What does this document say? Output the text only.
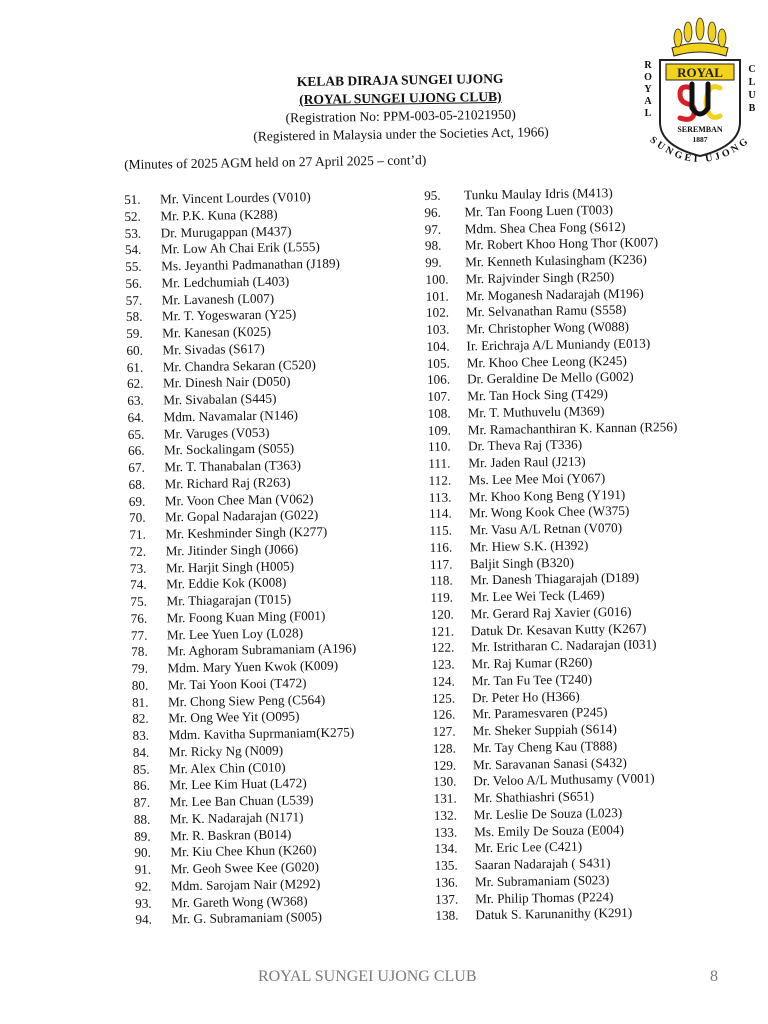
ROYAL
SEREMBAN
1887
R
O
Y
A
L
C
L
U
B
SUNGEI UJONG
KELAB DIRAJA SUNGEI UJONG
(ROYAL SUNGEI UJONG CLUB)
(Registration No: PPM-003-05-21021950)
(Registered in Malaysia under the Societies Act, 1966)
(Minutes of 2025 AGM held on 27 April 2025 – cont’d)
51. Mr. Vincent Lourdes (V010)
52. Mr. P.K. Kuna (K288)
53. Dr. Murugappan (M437)
54. Mr. Low Ah Chai Erik (L555)
55. Ms. Jeyanthi Padmanathan (J189)
56. Mr. Ledchumiah (L403)
57. Mr. Lavanesh (L007)
58. Mr. T. Yogeswaran (Y25)
59. Mr. Kanesan (K025)
60. Mr. Sivadas (S617)
61. Mr. Chandra Sekaran (C520)
62. Mr. Dinesh Nair (D050)
63. Mr. Sivabalan (S445)
64. Mdm. Navamalar (N146)
65. Mr. Varuges (V053)
66. Mr. Sockalingam (S055)
67. Mr. T. Thanabalan (T363)
68. Mr. Richard Raj (R263)
69. Mr. Voon Chee Man (V062)
70. Mr. Gopal Nadarajan (G022)
71. Mr. Keshminder Singh (K277)
72. Mr. Jitinder Singh (J066)
73. Mr. Harjit Singh (H005)
74. Mr. Eddie Kok (K008)
75. Mr. Thiagarajan (T015)
76. Mr. Foong Kuan Ming (F001)
77. Mr. Lee Yuen Loy (L028)
78. Mr. Aghoram Subramaniam (A196)
79. Mdm. Mary Yuen Kwok (K009)
80. Mr. Tai Yoon Kooi (T472)
81. Mr. Chong Siew Peng (C564)
82. Mr. Ong Wee Yit (O095)
83. Mdm. Kavitha Suprmaniam(K275)
84. Mr. Ricky Ng (N009)
85. Mr. Alex Chin (C010)
86. Mr. Lee Kim Huat (L472)
87. Mr. Lee Ban Chuan (L539)
88. Mr. K. Nadarajah (N171)
89. Mr. R. Baskran (B014)
90. Mr. Kiu Chee Khun (K260)
91. Mr. Geoh Swee Kee (G020)
92. Mdm. Sarojam Nair (M292)
93. Mr. Gareth Wong (W368)
94. Mr. G. Subramaniam (S005)
95. Tunku Maulay Idris (M413)
96. Mr. Tan Foong Luen (T003)
97. Mdm. Shea Chea Fong (S612)
98. Mr. Robert Khoo Hong Thor (K007)
99. Mr. Kenneth Kulasingham (K236)
100. Mr. Rajvinder Singh (R250)
101. Mr. Moganesh Nadarajah (M196)
102. Mr. Selvanathan Ramu (S558)
103. Mr. Christopher Wong (W088)
104. Ir. Erichraja A/L Muniandy (E013)
105. Mr. Khoo Chee Leong (K245)
106. Dr. Geraldine De Mello (G002)
107. Mr. Tan Hock Sing (T429)
108. Mr. T. Muthuvelu (M369)
109. Mr. Ramachanthiran K. Kannan (R256)
110. Dr. Theva Raj (T336)
111. Mr. Jaden Raul (J213)
112. Ms. Lee Mee Moi (Y067)
113. Mr. Khoo Kong Beng (Y191)
114. Mr. Wong Kook Chee (W375)
115. Mr. Vasu A/L Retnan (V070)
116. Mr. Hiew S.K. (H392)
117. Baljit Singh (B320)
118. Mr. Danesh Thiagarajah (D189)
119. Mr. Lee Wei Teck (L469)
120. Mr. Gerard Raj Xavier (G016)
121. Datuk Dr. Kesavan Kutty (K267)
122. Mr. Istritharan C. Nadarajan (I031)
123. Mr. Raj Kumar (R260)
124. Mr. Tan Fu Tee (T240)
125. Dr. Peter Ho (H366)
126. Mr. Paramesvaren (P245)
127. Mr. Sheker Suppiah (S614)
128. Mr. Tay Cheng Kau (T888)
129. Mr. Saravanan Sanasi (S432)
130. Dr. Veloo A/L Muthusamy (V001)
131. Mr. Shathiashri (S651)
132. Mr. Leslie De Souza (L023)
133. Ms. Emily De Souza (E004)
134. Mr. Eric Lee (C421)
135. Saaran Nadarajah ( S431)
136. Mr. Subramaniam (S023)
137. Mr. Philip Thomas (P224)
138. Datuk S. Karunanithy (K291)
ROYAL SUNGEI UJONG CLUB	8
